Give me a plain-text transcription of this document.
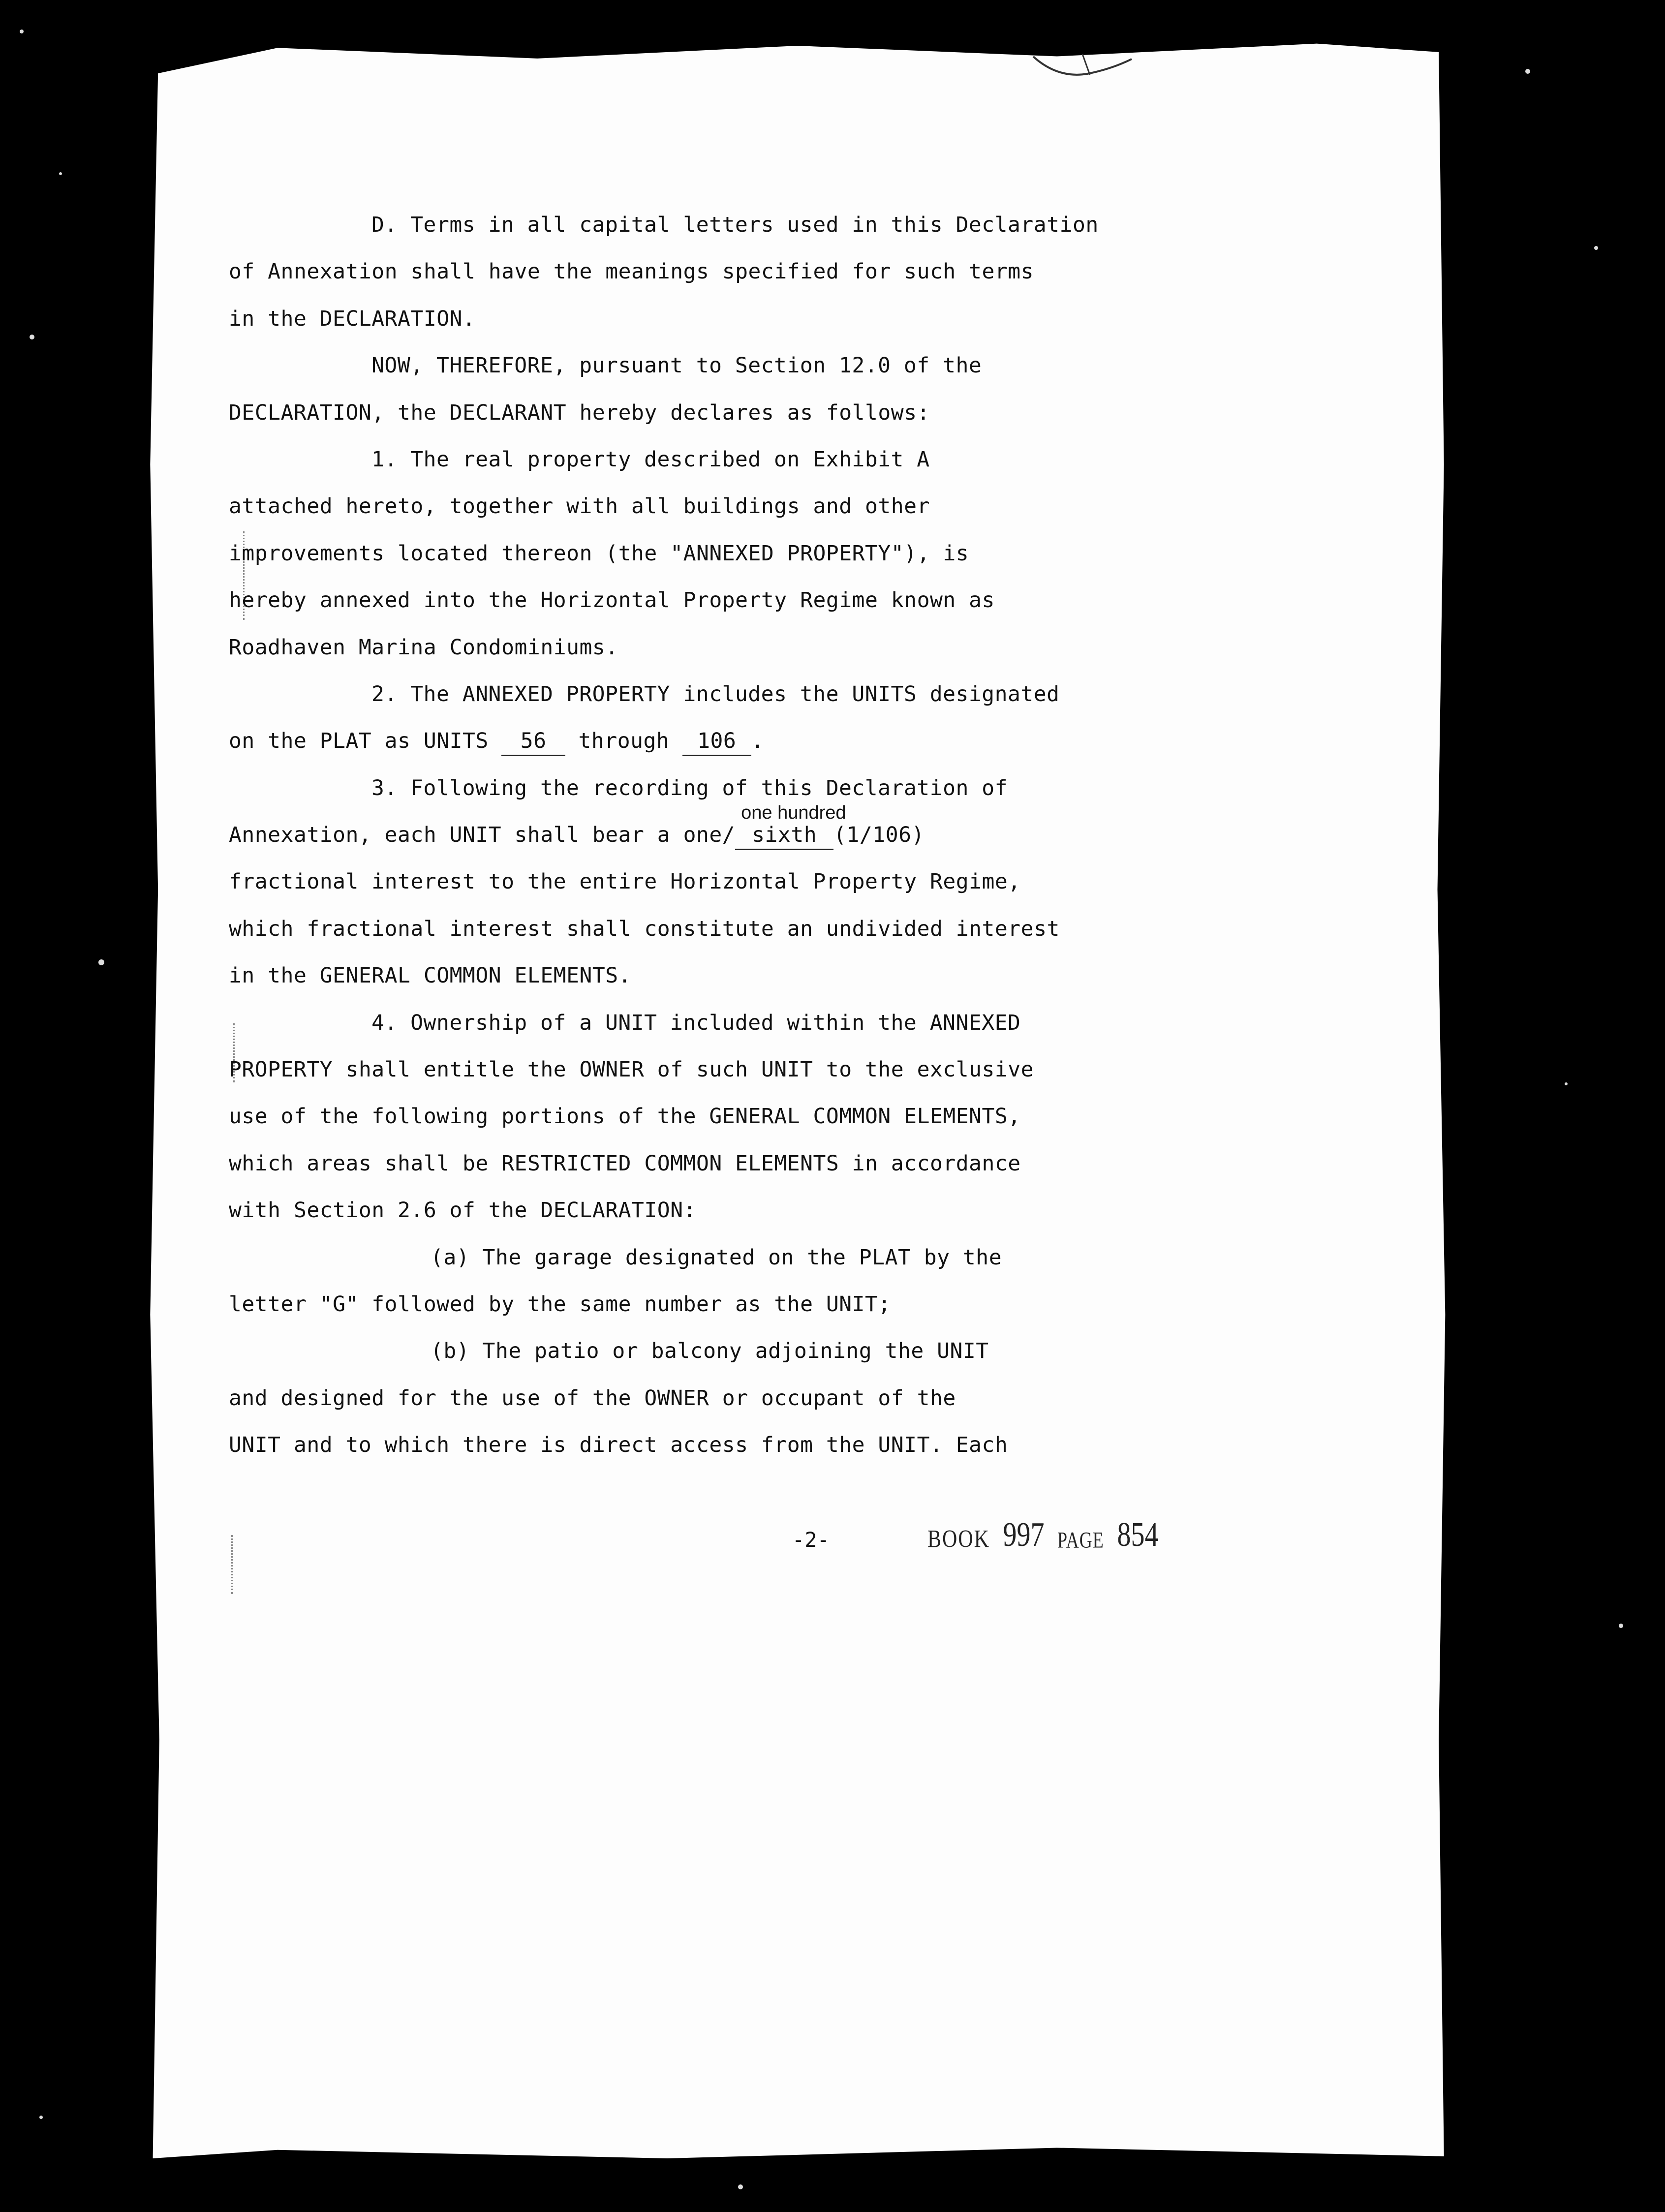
D. Terms in all capital letters used in this Declaration
of Annexation shall have the meanings specified for such terms
in the DECLARATION.
NOW, THEREFORE, pursuant to Section 12.0 of the
DECLARATION, the DECLARANT hereby declares as follows:
1. The real property described on Exhibit A
attached hereto, together with all buildings and other
improvements located thereon (the "ANNEXED PROPERTY"), is
hereby annexed into the Horizontal Property Regime known as
Roadhaven Marina Condominiums.
2. The ANNEXED PROPERTY includes the UNITS designated
on the PLAT as UNITS 56 through 106 .
3. Following the recording of this Declaration of
Annexation, each UNIT shall bear a one/
one hundred
sixth (1/106)
fractional interest to the entire Horizontal Property Regime,
which fractional interest shall constitute an undivided interest
in the GENERAL COMMON ELEMENTS.
4. Ownership of a UNIT included within the ANNEXED
PROPERTY shall entitle the OWNER of such UNIT to the exclusive
use of the following portions of the GENERAL COMMON ELEMENTS,
which areas shall be RESTRICTED COMMON ELEMENTS in accordance
with Section 2.6 of the DECLARATION:
(a) The garage designated on the PLAT by the
letter "G" followed by the same number as the UNIT;
(b) The patio or balcony adjoining the UNIT
and designed for the use of the OWNER or occupant of the
UNIT and to which there is direct access from the UNIT. Each
-2-	BOOK 997 PAGE 854
